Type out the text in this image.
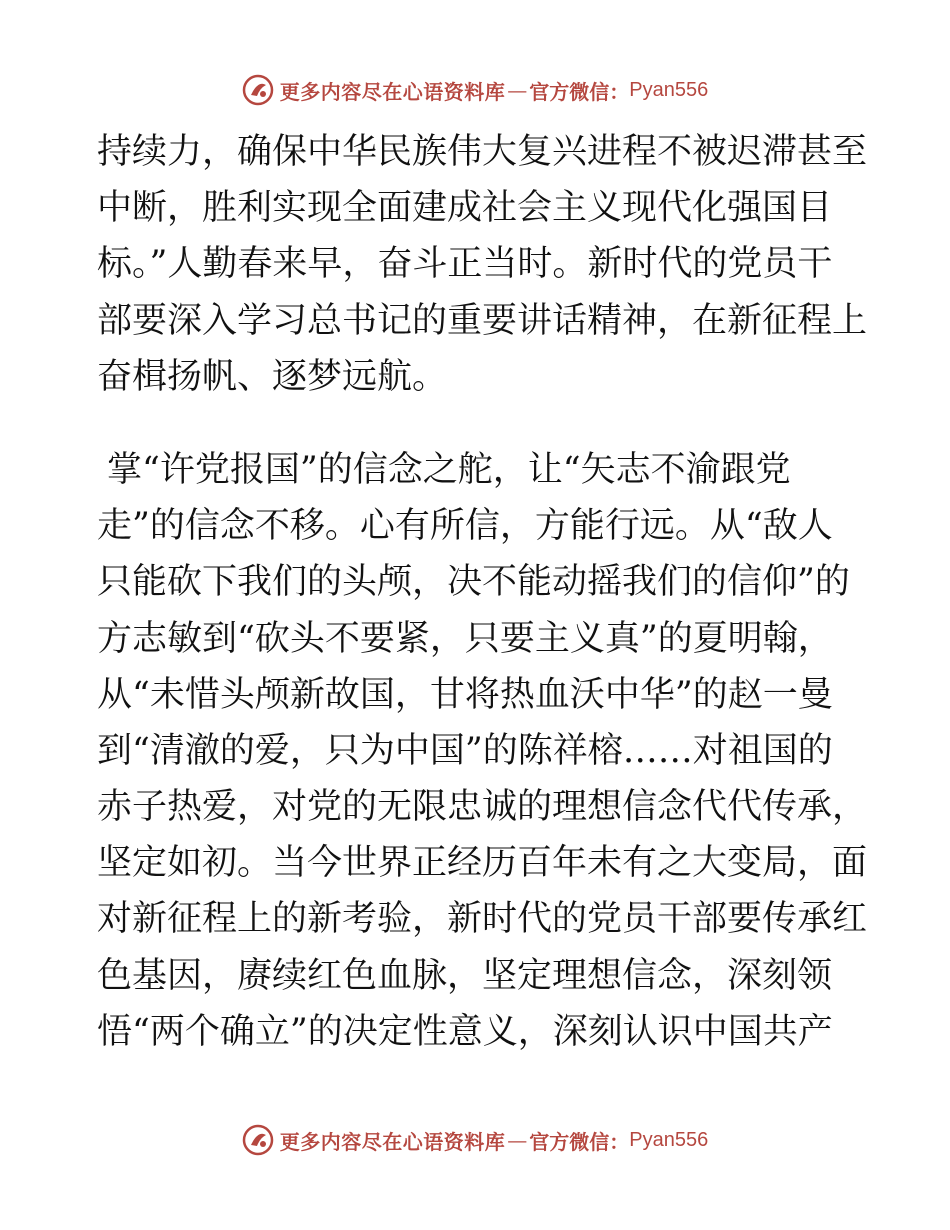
更多内容尽在心语资料库 — 官方微信： Pyan556
持续力，确保中华民族伟大复兴进程不被迟滞甚至
中断，胜利实现全面建成社会主义现代化强国目
标。”人勤春来早，奋斗正当时。新时代的党员干
部要深入学习总书记的重要讲话精神，在新征程上
奋楫扬帆、逐梦远航。
掌“许党报国”的信念之舵，让“矢志不渝跟党
走”的信念不移。心有所信，方能行远。从“敌人
只能砍下我们的头颅，决不能动摇我们的信仰”的
方志敏到“砍头不要紧，只要主义真”的夏明翰，
从“未惜头颅新故国，甘将热血沃中华”的赵一曼
到“清澈的爱，只为中国”的陈祥榕……对祖国的
赤子热爱，对党的无限忠诚的理想信念代代传承，
坚定如初。当今世界正经历百年未有之大变局，面
对新征程上的新考验，新时代的党员干部要传承红
色基因，赓续红色血脉，坚定理想信念，深刻领
悟“两个确立”的决定性意义，深刻认识中国共产
更多内容尽在心语资料库 — 官方微信： Pyan556
